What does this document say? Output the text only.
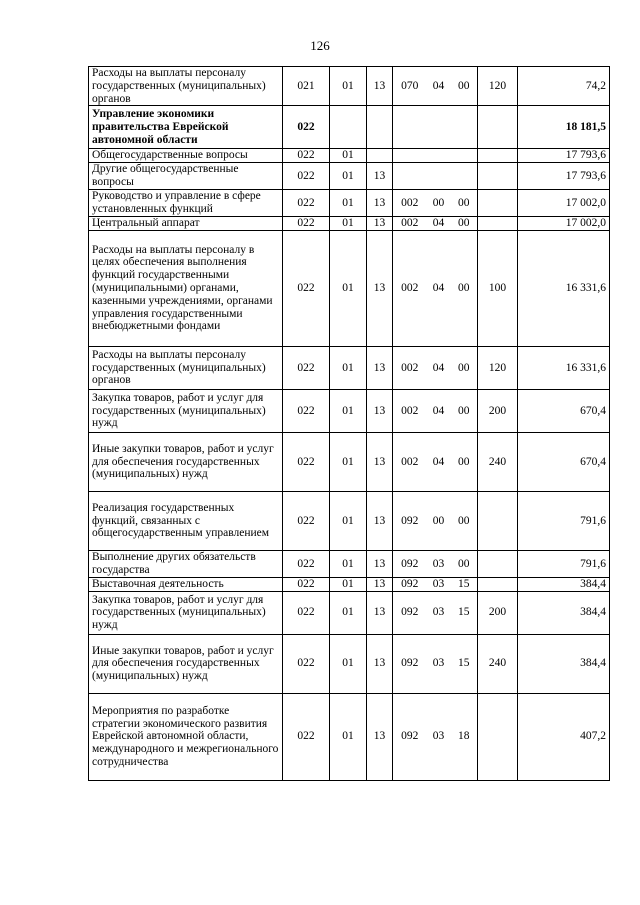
126
Расходы на выплаты персоналу государственных (муниципальных) органов	021	01	13	070	04	00	120	74,2
Управление экономики правительства Еврейской автономной области	022							18 181,5
Общегосударственные вопросы	022	01						17 793,6
Другие общегосударственные вопросы	022	01	13					17 793,6
Руководство и управление в сфере установленных функций	022	01	13	002	00	00		17 002,0
Центральный аппарат	022	01	13	002	04	00		17 002,0
Расходы на выплаты персоналу в целях обеспечения выполнения функций государственными (муниципальными) органами, казенными учреждениями, органами управления государственными внебюджетными фондами	022	01	13	002	04	00	100	16 331,6
Расходы на выплаты персоналу государственных (муниципальных) органов	022	01	13	002	04	00	120	16 331,6
Закупка товаров, работ и услуг для государственных (муниципальных) нужд	022	01	13	002	04	00	200	670,4
Иные закупки товаров, работ и услуг для обеспечения государственных (муниципальных) нужд	022	01	13	002	04	00	240	670,4
Реализация государственных функций, связанных с общегосударственным управлением	022	01	13	092	00	00		791,6
Выполнение других обязательств государства	022	01	13	092	03	00		791,6
Выставочная деятельность	022	01	13	092	03	15		384,4
Закупка товаров, работ и услуг для государственных (муниципальных) нужд	022	01	13	092	03	15	200	384,4
Иные закупки товаров, работ и услуг для обеспечения государственных (муниципальных) нужд	022	01	13	092	03	15	240	384,4
Мероприятия по разработке стратегии экономического развития Еврейской автономной области, международного и межрегионального сотрудничества	022	01	13	092	03	18		407,2
